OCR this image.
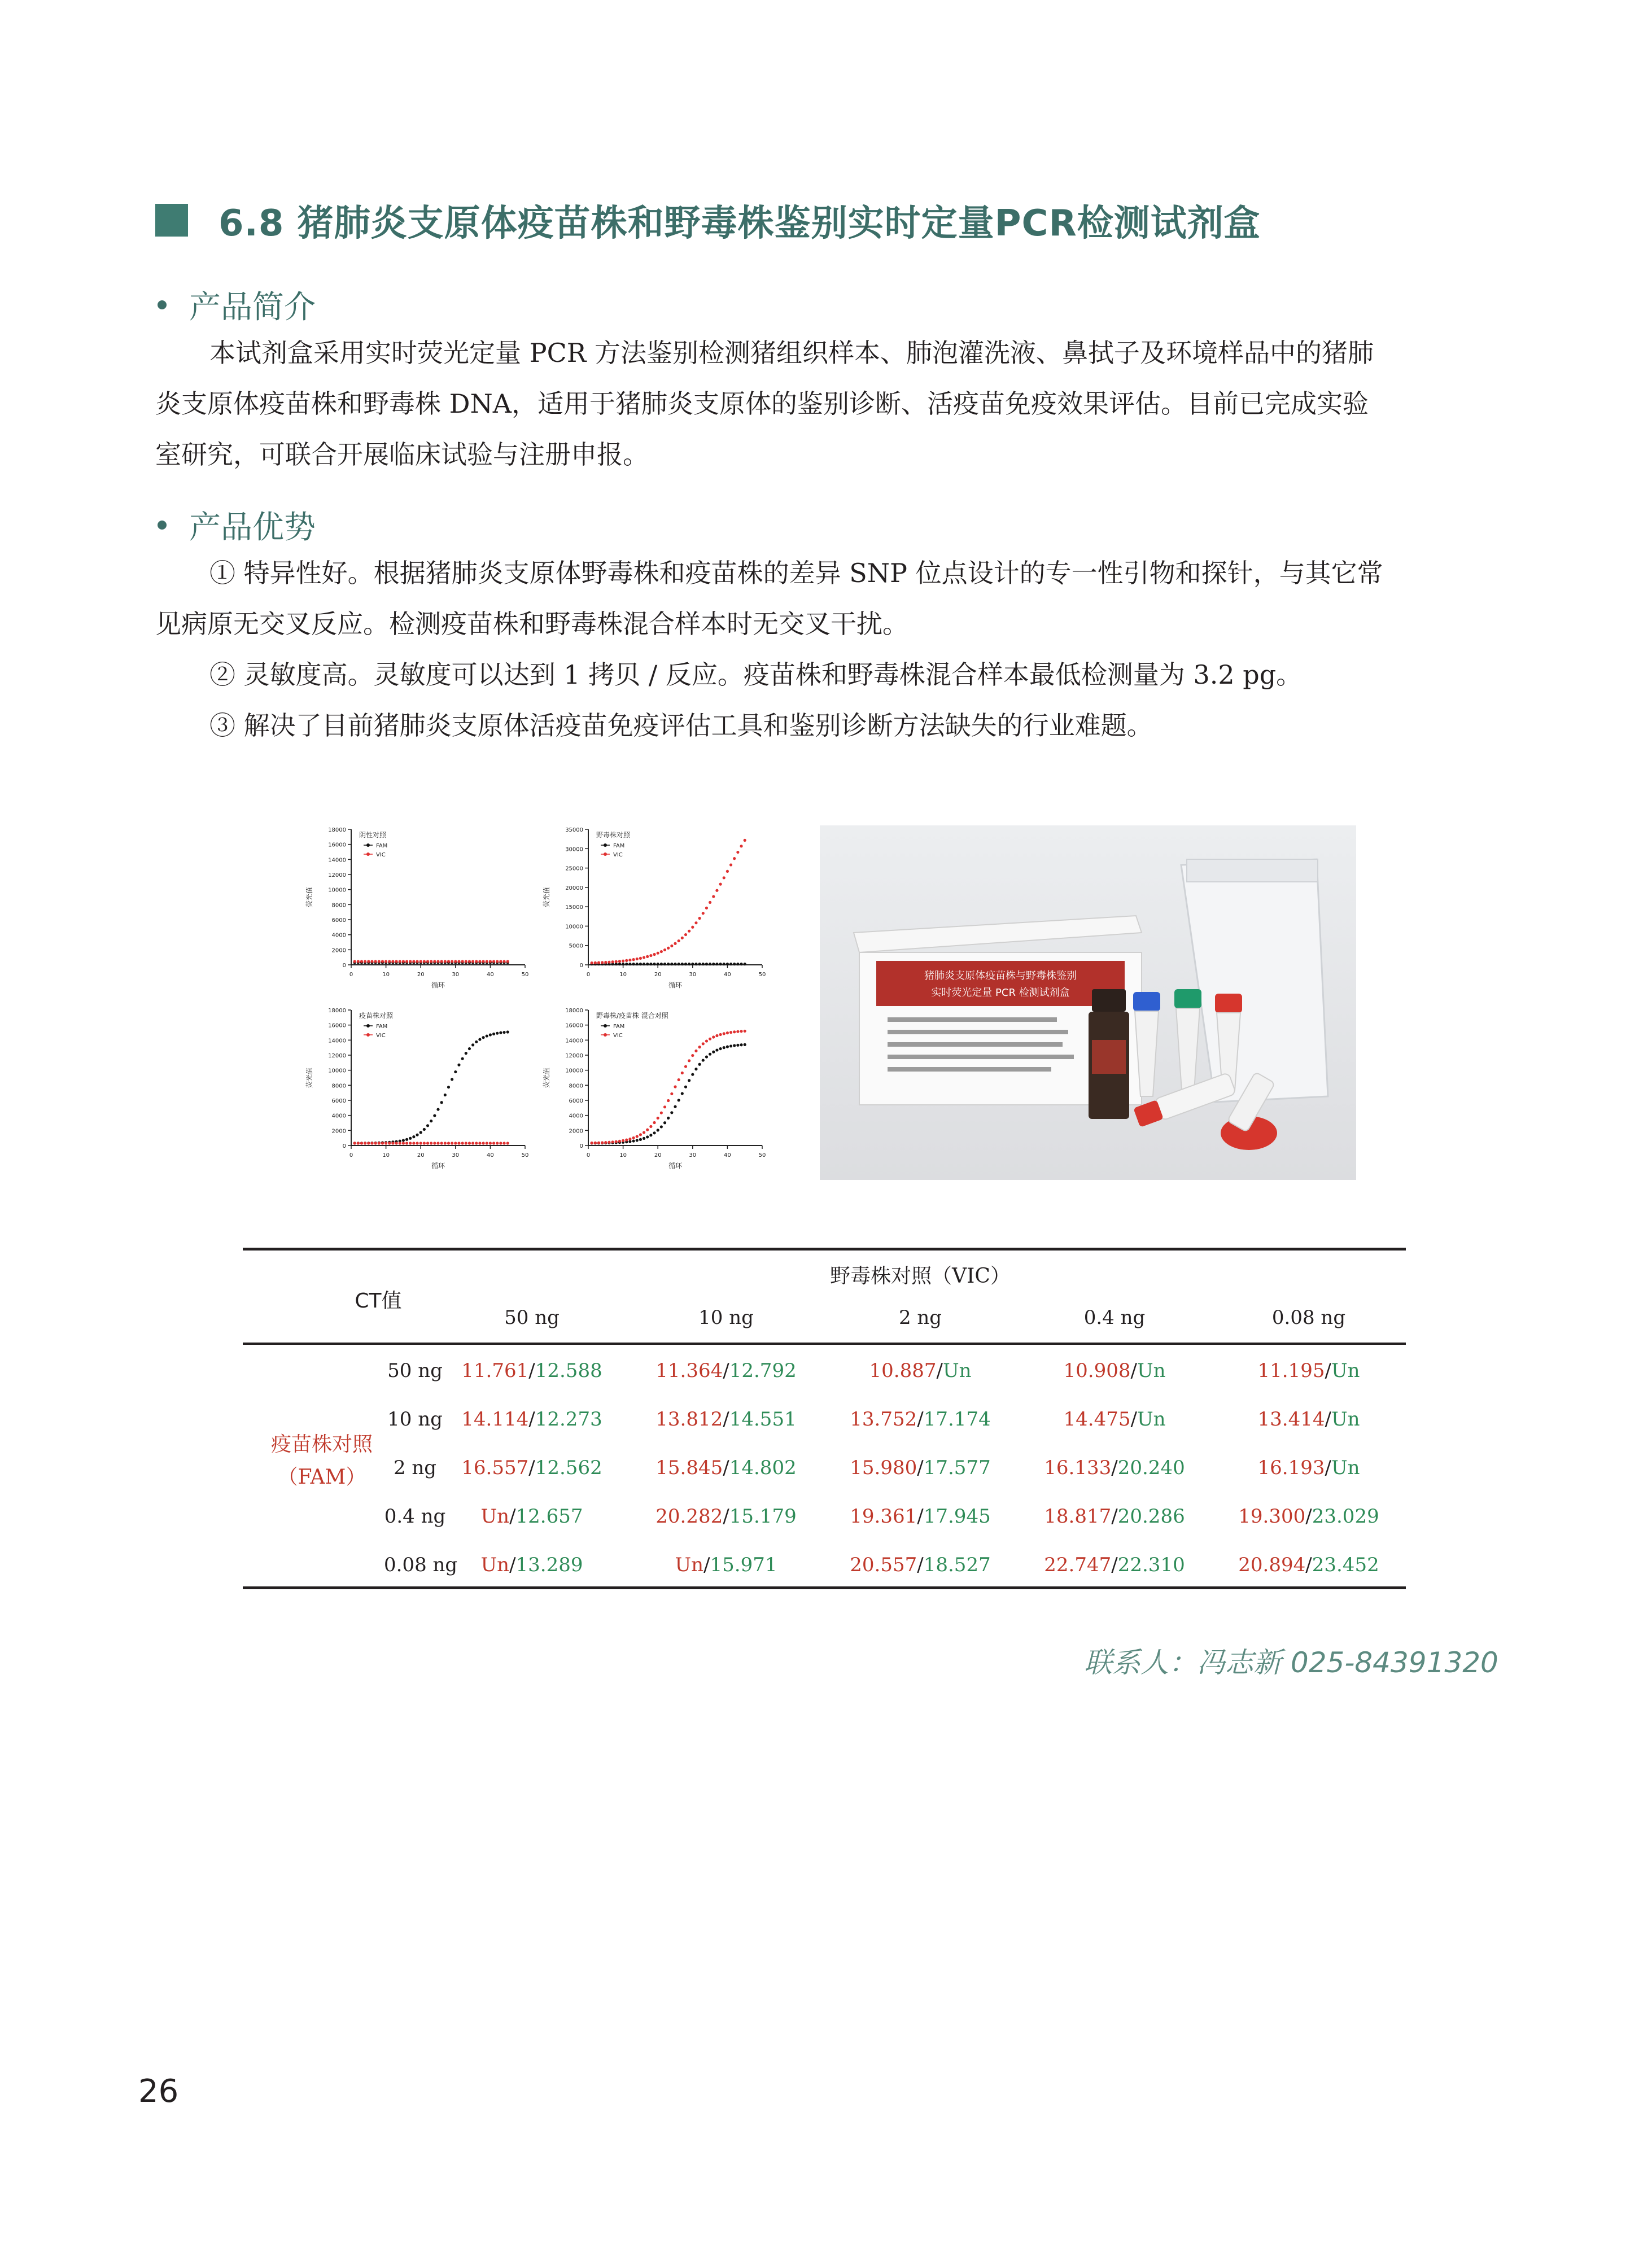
6.8 猪肺炎支原体疫苗株和野毒株鉴别实时定量PCR检测试剂盒
产品简介
本试剂盒采用实时荧光定量 PCR 方法鉴别检测猪组织样本、肺泡灌洗液、鼻拭子及环境样品中的猪肺
炎支原体疫苗株和野毒株 DNA，适用于猪肺炎支原体的鉴别诊断、活疫苗免疫效果评估。目前已完成实验
室研究，可联合开展临床试验与注册申报。
产品优势
① 特异性好。根据猪肺炎支原体野毒株和疫苗株的差异 SNP 位点设计的专一性引物和探针，与其它常
见病原无交叉反应。检测疫苗株和野毒株混合样本时无交叉干扰。
② 灵敏度高。灵敏度可以达到 1 拷贝 / 反应。疫苗株和野毒株混合样本最低检测量为 3.2 pg。
③ 解决了目前猪肺炎支原体活疫苗免疫评估工具和鉴别诊断方法缺失的行业难题。
18000
16000
14000
12000
10000
8000
6000
4000
2000
0
0	10	20	30	40	50
荧光值
循环
阴性对照
FAM
VIC
35000
30000
25000
20000
15000
10000
5000
0
0	10	20	30	40	50
荧光值
循环
野毒株对照
FAM
VIC
18000
16000
14000
12000
10000
8000
6000
4000
2000
0
0	10	20	30	40	50
荧光值
循环
疫苗株对照
FAM
VIC
18000
16000
14000
12000
10000
8000
6000
4000
2000
0
0	10	20	30	40	50
荧光值
循环
野毒株/疫苗株 混合对照
FAM
VIC
猪肺炎支原体疫苗株与野毒株鉴别
实时荧光定量 PCR 检测试剂盒
CT值
野毒株对照（VIC）
50 ng	10 ng	2 ng	0.4 ng	0.08 ng
疫苗株对照
（FAM）
50 ng 11.761/12.588	11.364/12.792	10.887/Un	10.908/Un	11.195/Un
10 ng 14.114/12.273	13.812/14.551	13.752/17.174	14.475/Un	13.414/Un
2 ng	16.557/12.562	15.845/14.802	15.980/17.577	16.133/20.240	16.193/Un
0.4 ng	Un/12.657	20.282/15.179	19.361/17.945	18.817/20.286	19.300/23.029
0.08 ng	Un/13.289	Un/15.971	20.557/18.527	22.747/22.310	20.894/23.452
联系人：冯志新 025-84391320
26
